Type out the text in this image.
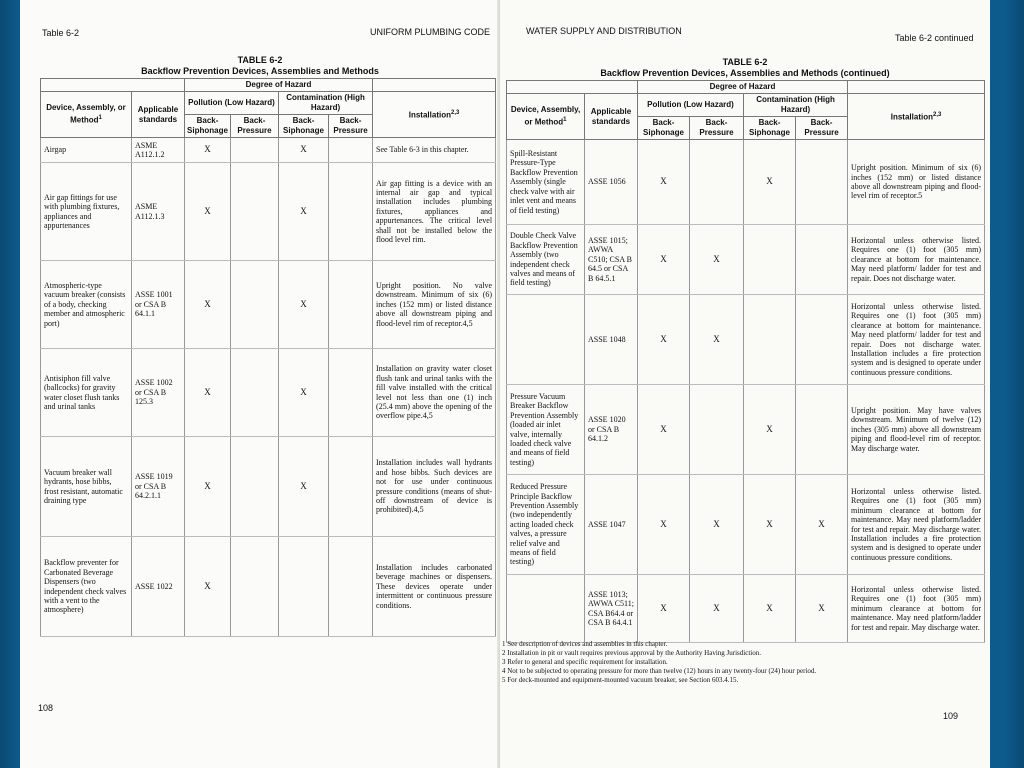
Table 6-2	UNIFORM PLUMBING CODE
TABLE 6-2
Backflow Prevention Devices, Assemblies and Methods
		Degree of Hazard				
Device, Assembly, or Method$^1$	Applicable standards	Pollution (Low Hazard)		Contamination (High Hazard)		Installation$^{2,3}$
		Back-Siphonage	Back-Pressure	Back-Siphonage	Back-Pressure	
Airgap	ASME A112.1.2	X		X		See Table 6-3 in this chapter.
Air gap fittings for use with plumbing fixtures, appliances and appurtenances	ASME A112.1.3	X		X		Air gap fitting is a device with an internal air gap and typical installation includes plumbing fixtures, appliances and appurtenances. The critical level shall not be installed below the flood level rim.
Atmospheric-type vacuum breaker (consists of a body, checking member and atmospheric port)	ASSE 1001 or CSA B 64.1.1	X		X		Upright position. No valve downstream. Minimum of six (6) inches (152 mm) or listed distance above all downstream piping and flood-level rim of receptor.4,5
Antisiphon fill valve (ballcocks) for gravity water closet flush tanks and urinal tanks	ASSE 1002 or CSA B 125.3	X		X		Installation on gravity water closet flush tank and urinal tanks with the fill valve installed with the critical level not less than one (1) inch (25.4 mm) above the opening of the overflow pipe.4,5
Vacuum breaker wall hydrants, hose bibbs, frost resistant, automatic draining type	ASSE 1019 or CSA B 64.2.1.1	X		X		Installation includes wall hydrants and hose bibbs. Such devices are not for use under continuous pressure conditions (means of shut-off downstream of device is prohibited).4,5
Backflow preventer for Carbonated Beverage Dispensers (two independent check valves with a vent to the atmosphere)	ASSE 1022	X				Installation includes carbonated beverage machines or dispensers. These devices operate under intermittent or continuous pressure conditions.
108
WATER SUPPLY AND DISTRIBUTION
Table 6-2 continued
TABLE 6-2
Backflow Prevention Devices, Assemblies and Methods (continued)
		Degree of Hazard				
Device, Assembly, or Method$^1$	Applicable standards	Pollution (Low Hazard)		Contamination (High Hazard)		Installation$^{2,3}$
		Back-Siphonage	Back-Pressure	Back-Siphonage	Back-Pressure	
Spill-Resistant Pressure-Type Backflow Prevention Assembly (single check valve with air inlet vent and means of field testing)	ASSE 1056	X		X		Upright position. Minimum of six (6) inches (152 mm) or listed distance above all downstream piping and flood-level rim of receptor.5
Double Check Valve Backflow Prevention Assembly (two independent check valves and means of field testing)	ASSE 1015; AWWA C510; CSA B 64.5 or CSA B 64.5.1	X	X			Horizontal unless otherwise listed. Requires one (1) foot (305 mm) clearance at bottom for maintenance. May need platform/ ladder for test and repair. Does not discharge water.
	ASSE 1048	X	X			Horizontal unless otherwise listed. Requires one (1) foot (305 mm) clearance at bottom for maintenance. May need platform/ ladder for test and repair. Does not discharge water. Installation includes a fire protection system and is designed to operate under continuous pressure conditions.
Pressure Vacuum Breaker Backflow Prevention Assembly (loaded air inlet valve, internally loaded check valve and means of field testing)	ASSE 1020 or CSA B 64.1.2	X		X		Upright position. May have valves downstream. Minimum of twelve (12) inches (305 mm) above all downstream piping and flood-level rim of receptor. May discharge water.
Reduced Pressure Principle Backflow Prevention Assembly (two independently acting loaded check valves, a pressure relief valve and means of field testing)	ASSE 1047	X	X	X	X	Horizontal unless otherwise listed. Requires one (1) foot (305 mm) minimum clearance at bottom for maintenance. May need platform/ladder for test and repair. May discharge water. Installation includes a fire protection system and is designed to operate under continuous pressure conditions.
	ASSE 1013; AWWA C511; CSA B64.4 or CSA B 64.4.1	X	X	X	X	Horizontal unless otherwise listed. Requires one (1) foot (305 mm) minimum clearance at bottom for maintenance. May need platform/ladder for test and repair. May discharge water.
1 See description of devices and assemblies in this chapter.
2 Installation in pit or vault requires previous approval by the Authority Having Jurisdiction.
3 Refer to general and specific requirement for installation.
4 Not to be subjected to operating pressure for more than twelve (12) hours in any twenty-four (24) hour period.
5 For deck-mounted and equipment-mounted vacuum breaker, see Section 603.4.15.
109
